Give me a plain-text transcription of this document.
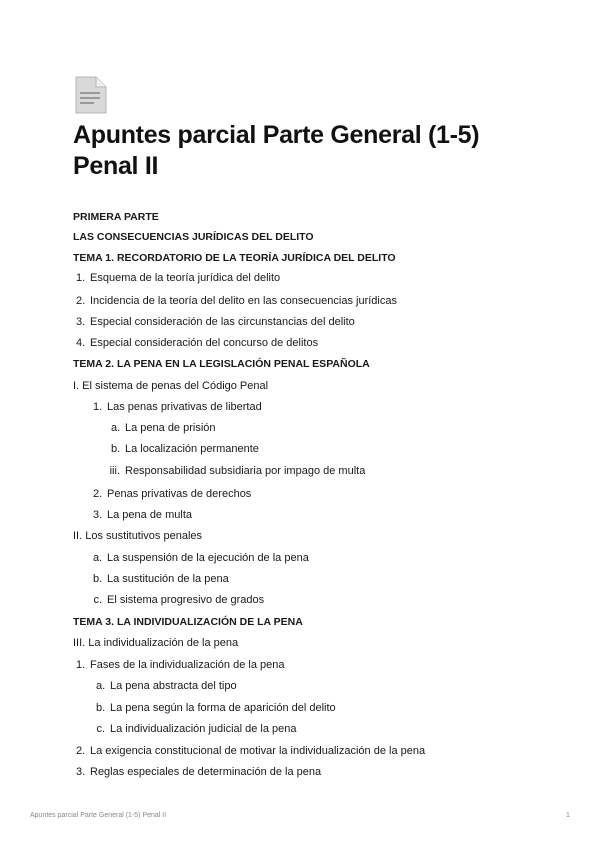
Apuntes parcial Parte General (1-5) Penal II
PRIMERA PARTE
LAS CONSECUENCIAS JURÍDICAS DEL DELITO
TEMA 1. RECORDATORIO DE LA TEORÍA JURÍDICA DEL DELITO
1. Esquema de la teoría jurídica del delito
2. Incidencia de la teoría del delito en las consecuencias jurídicas
3. Especial consideración de las circunstancias del delito
4. Especial consideración del concurso de delitos
TEMA 2. LA PENA EN LA LEGISLACIÓN PENAL ESPAÑOLA
I. El sistema de penas del Código Penal
1. Las penas privativas de libertad
a. La pena de prisión
b. La localización permanente
iii. Responsabilidad subsidiaria por impago de multa
2. Penas privativas de derechos
3. La pena de multa
II. Los sustitutivos penales
a. La suspensión de la ejecución de la pena
b. La sustitución de la pena
c. El sistema progresivo de grados
TEMA 3. LA INDIVIDUALIZACIÓN DE LA PENA
III. La individualización de la pena
1. Fases de la individualización de la pena
a. La pena abstracta del tipo
b. La pena según la forma de aparición del delito
c. La individualización judicial de la pena
2. La exigencia constitucional de motivar la individualización de la pena
3. Reglas especiales de determinación de la pena
Apuntes parcial Parte General (1-5) Penal II	1
